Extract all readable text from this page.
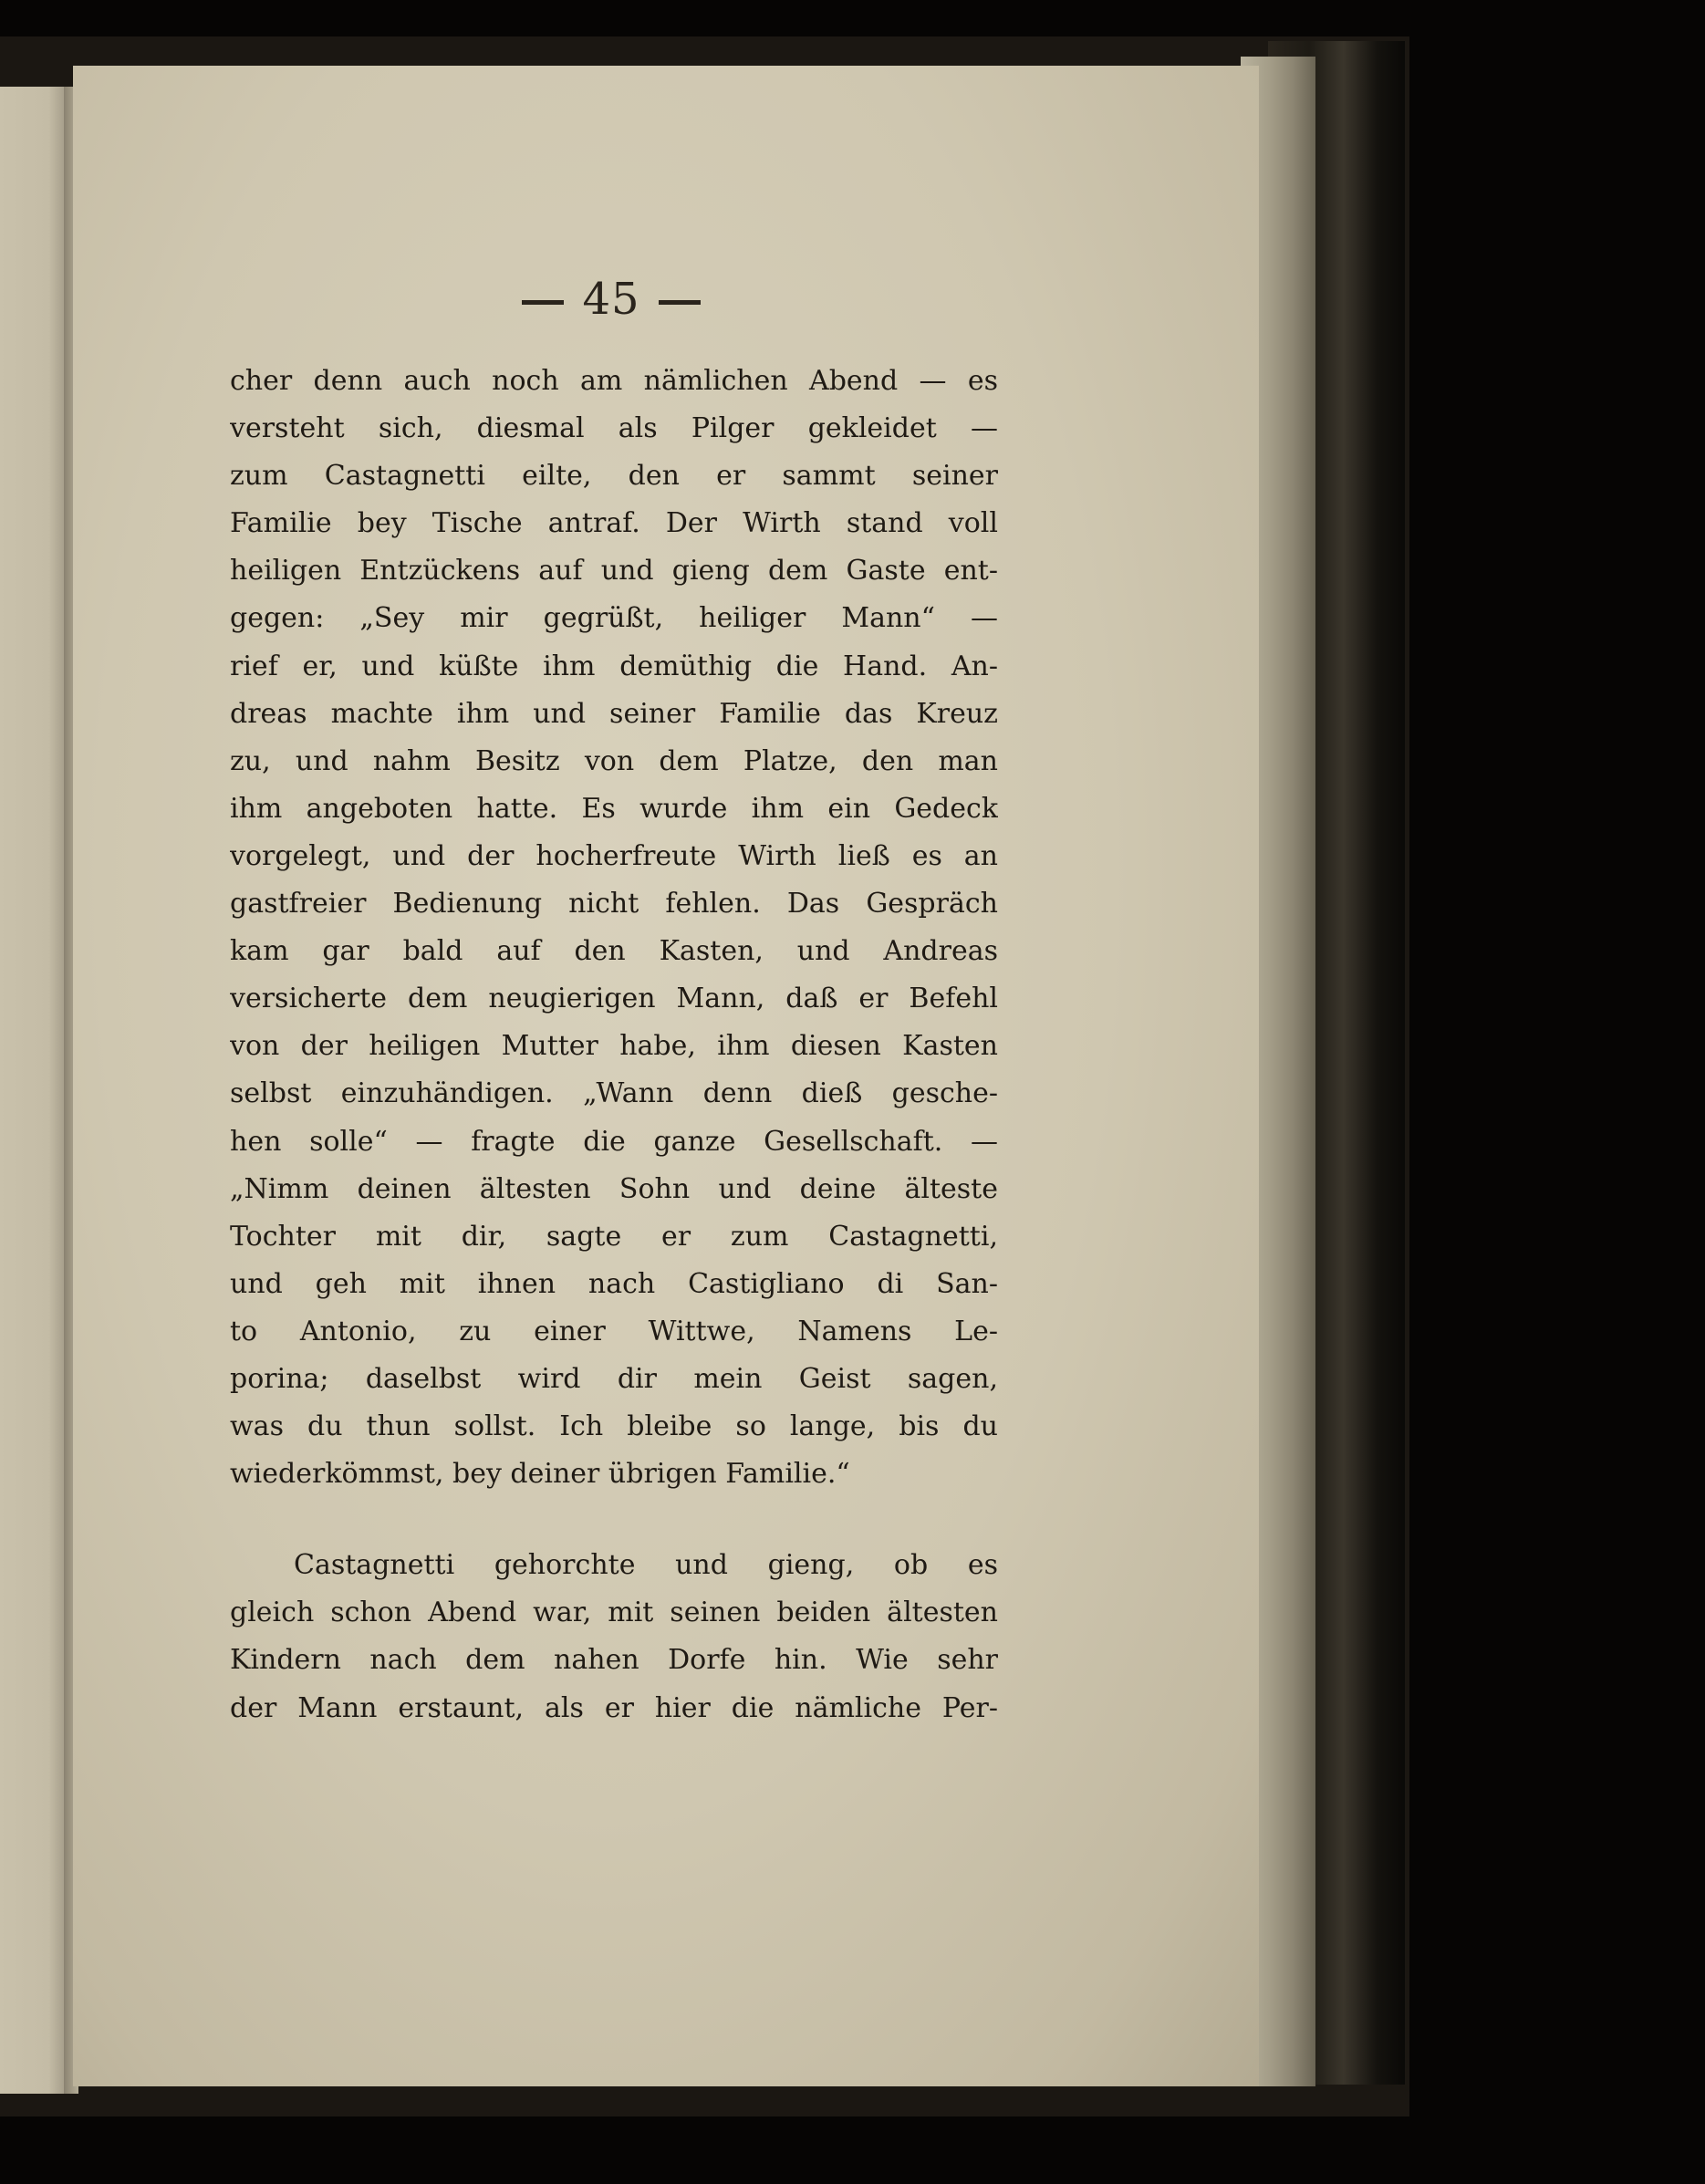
45
cher denn auch noch am nämlichen Abend — es
versteht sich, diesmal als Pilger gekleidet —
zum Castagnetti eilte, den er sammt seiner
Familie bey Tische antraf. Der Wirth stand voll
heiligen Entzückens auf und gieng dem Gaste ent-
gegen: „Sey mir gegrüßt, heiliger Mann“ —
rief er, und küßte ihm demüthig die Hand. An-
dreas machte ihm und seiner Familie das Kreuz
zu, und nahm Besitz von dem Platze, den man
ihm angeboten hatte. Es wurde ihm ein Gedeck
vorgelegt, und der hocherfreute Wirth ließ es an
gastfreier Bedienung nicht fehlen. Das Gespräch
kam gar bald auf den Kasten, und Andreas
versicherte dem neugierigen Mann, daß er Befehl
von der heiligen Mutter habe, ihm diesen Kasten
selbst einzuhändigen. „Wann denn dieß gesche-
hen solle“ — fragte die ganze Gesellschaft. —
„Nimm deinen ältesten Sohn und deine älteste
Tochter mit dir, sagte er zum Castagnetti,
und geh mit ihnen nach Castigliano di San-
to Antonio, zu einer Wittwe, Namens Le-
porina; daselbst wird dir mein Geist sagen,
was du thun sollst. Ich bleibe so lange, bis du
wiederkömmst, bey deiner übrigen Familie.“
Castagnetti gehorchte und gieng, ob es
gleich schon Abend war, mit seinen beiden ältesten
Kindern nach dem nahen Dorfe hin. Wie sehr
der Mann erstaunt, als er hier die nämliche Per-
